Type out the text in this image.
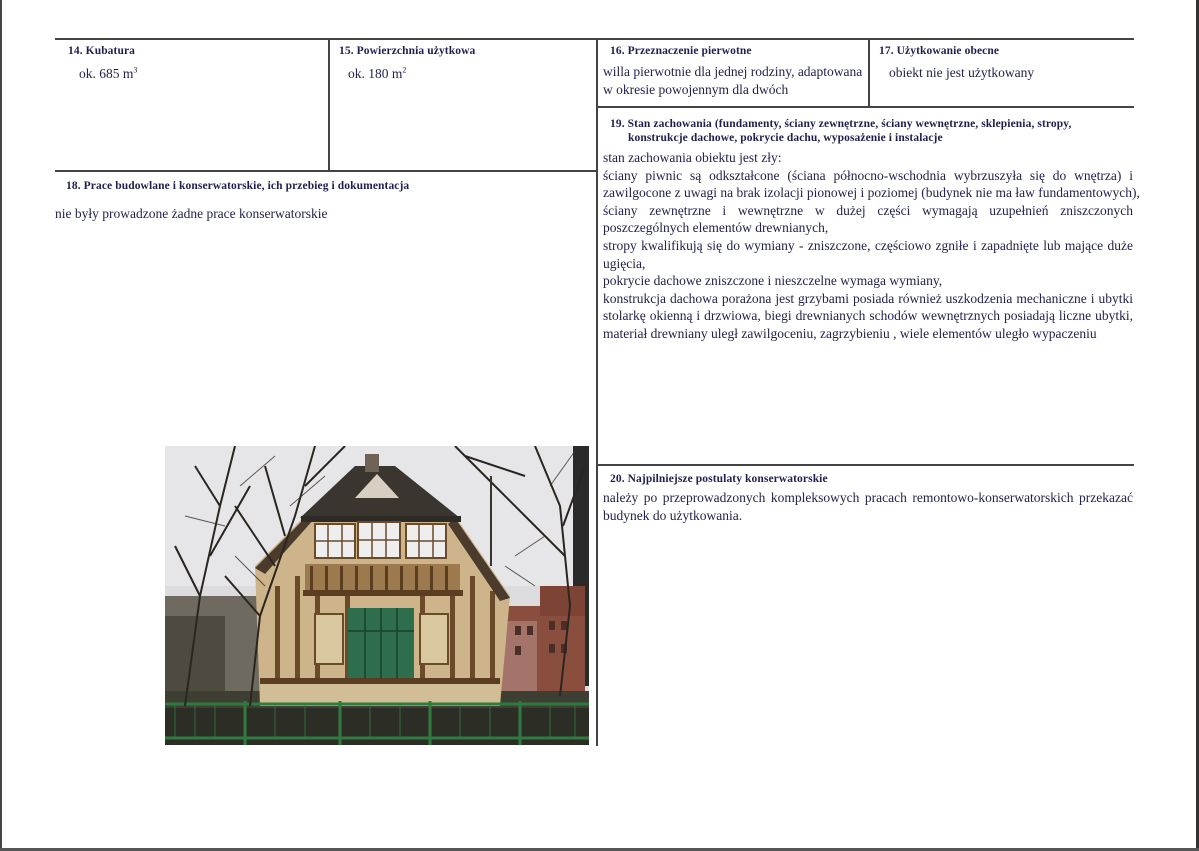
14. Kubatura
ok. 685 $m^3$
15. Powierzchnia użytkowa
ok. 180 $m^2$
16. Przeznaczenie pierwotne
willa pierwotnie dla jednej rodziny, adaptowana
w okresie powojennym dla dwóch
17. Użytkowanie obecne
obiekt nie jest użytkowany
18. Prace budowlane i konserwatorskie, ich przebieg i dokumentacja
nie były prowadzone żadne prace konserwatorskie
19. Stan zachowania (fundamenty, ściany zewnętrzne, ściany wewnętrzne, sklepienia, stropy,
konstrukcje dachowe, pokrycie dachu, wyposażenie i instalacje
stan zachowania obiektu jest zły:
ściany piwnic są odkształcone (ściana północno-wschodnia wybrzuszyła się do wnętrza) i
zawilgocone z uwagi na brak izolacji pionowej i poziomej (budynek nie ma ław fundamentowych),
ściany zewnętrzne i wewnętrzne w dużej części wymagają uzupełnień zniszczonych
poszczególnych elementów drewnianych,
stropy kwalifikują się do wymiany - zniszczone, częściowo zgniłe i zapadnięte lub mające duże
ugięcia,
pokrycie dachowe zniszczone i nieszczelne wymaga wymiany,
konstrukcja dachowa porażona jest grzybami posiada również uszkodzenia mechaniczne i ubytki
stolarkę okienną i drzwiowa, biegi drewnianych schodów wewnętrznych posiadają liczne ubytki,
materiał drewniany uległ zawilgoceniu, zagrzybieniu , wiele elementów uległo wypaczeniu
20. Najpilniejsze postulaty konserwatorskie
należy po przeprowadzonych kompleksowych pracach remontowo-konserwatorskich przekazać
budynek do użytkowania.
